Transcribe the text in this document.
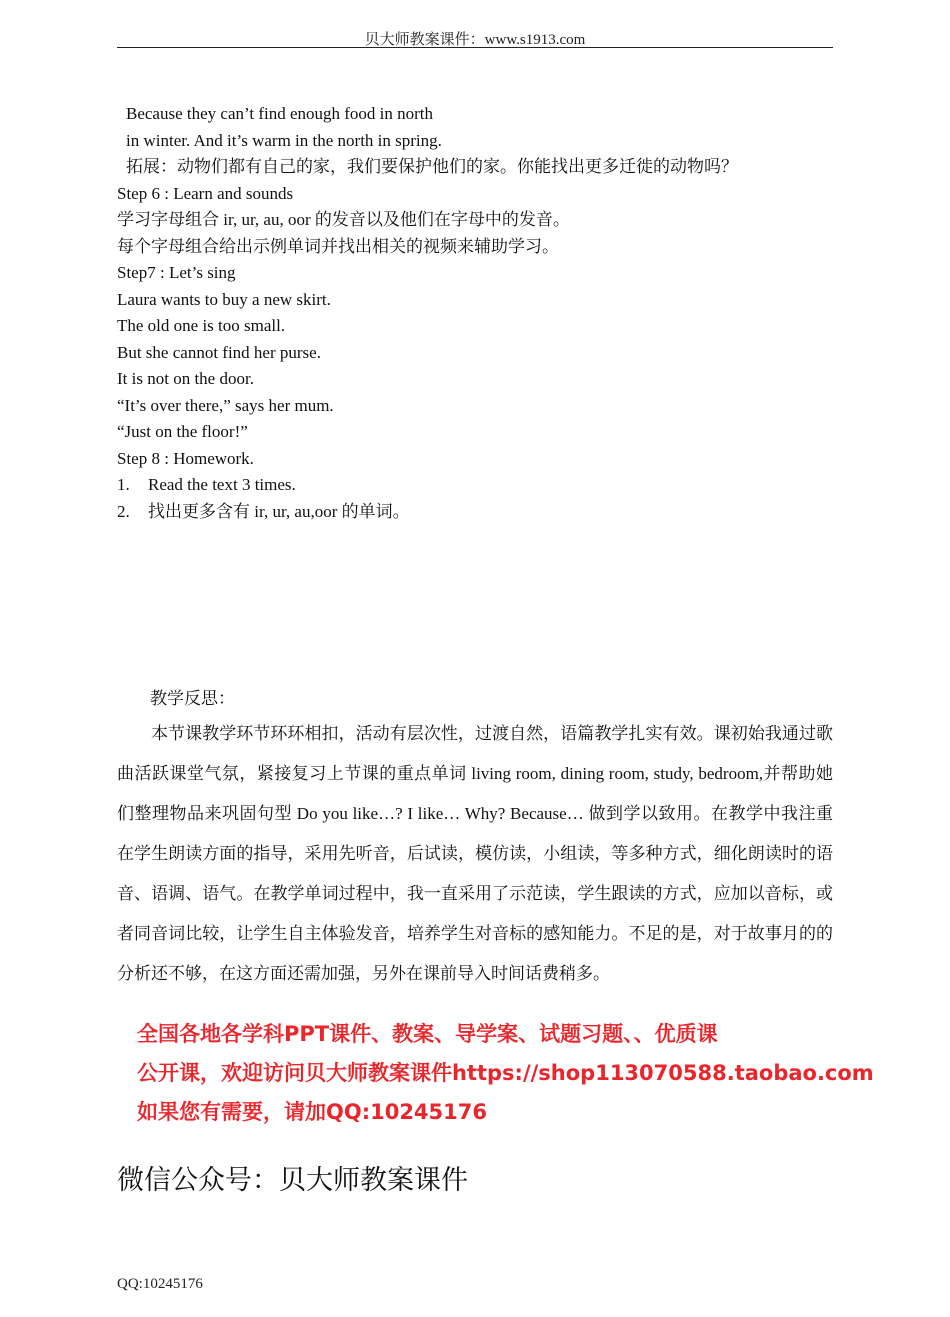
贝大师教案课件：www.s1913.com
Because they can’t find enough food in north
in winter. And it’s warm in the north in spring.
拓展：动物们都有自己的家，我们要保护他们的家。你能找出更多迁徙的动物吗？
Step 6 : Learn and sounds
学习字母组合 ir, ur, au, oor 的发音以及他们在字母中的发音。
每个字母组合给出示例单词并找出相关的视频来辅助学习。
Step7 : Let’s sing
Laura wants to buy a new skirt.
The old one is too small.
But she cannot find her purse.
It is not on the door.
“It’s over there,” says her mum.
“Just on the floor!”
Step 8 : Homework.
1. Read the text 3 times.
2. 找出更多含有 ir, ur, au,oor 的单词。
教学反思：
本节课教学环节环环相扣，活动有层次性，过渡自然，语篇教学扎实有效。课初始我通过歌曲活跃课堂气氛，紧接复习上节课的重点单词 living room, dining room, study, bedroom,并帮助她们整理物品来巩固句型 Do you like…? I like… Why? Because… 做到学以致用。在教学中我注重在学生朗读方面的指导，采用先听音，后试读，模仿读，小组读，等多种方式，细化朗读时的语音、语调、语气。在教学单词过程中，我一直采用了示范读，学生跟读的方式，应加以音标，或者同音词比较，让学生自主体验发音，培养学生对音标的感知能力。不足的是，对于故事月的的分析还不够，在这方面还需加强，另外在课前导入时间话费稍多。
全国各地各学科PPT课件、教案、导学案、试题习题、、优质课
公开课，欢迎访问贝大师教案课件https://shop113070588.taobao.com
如果您有需要，请加QQ:10245176
微信公众号：贝大师教案课件
QQ:10245176
